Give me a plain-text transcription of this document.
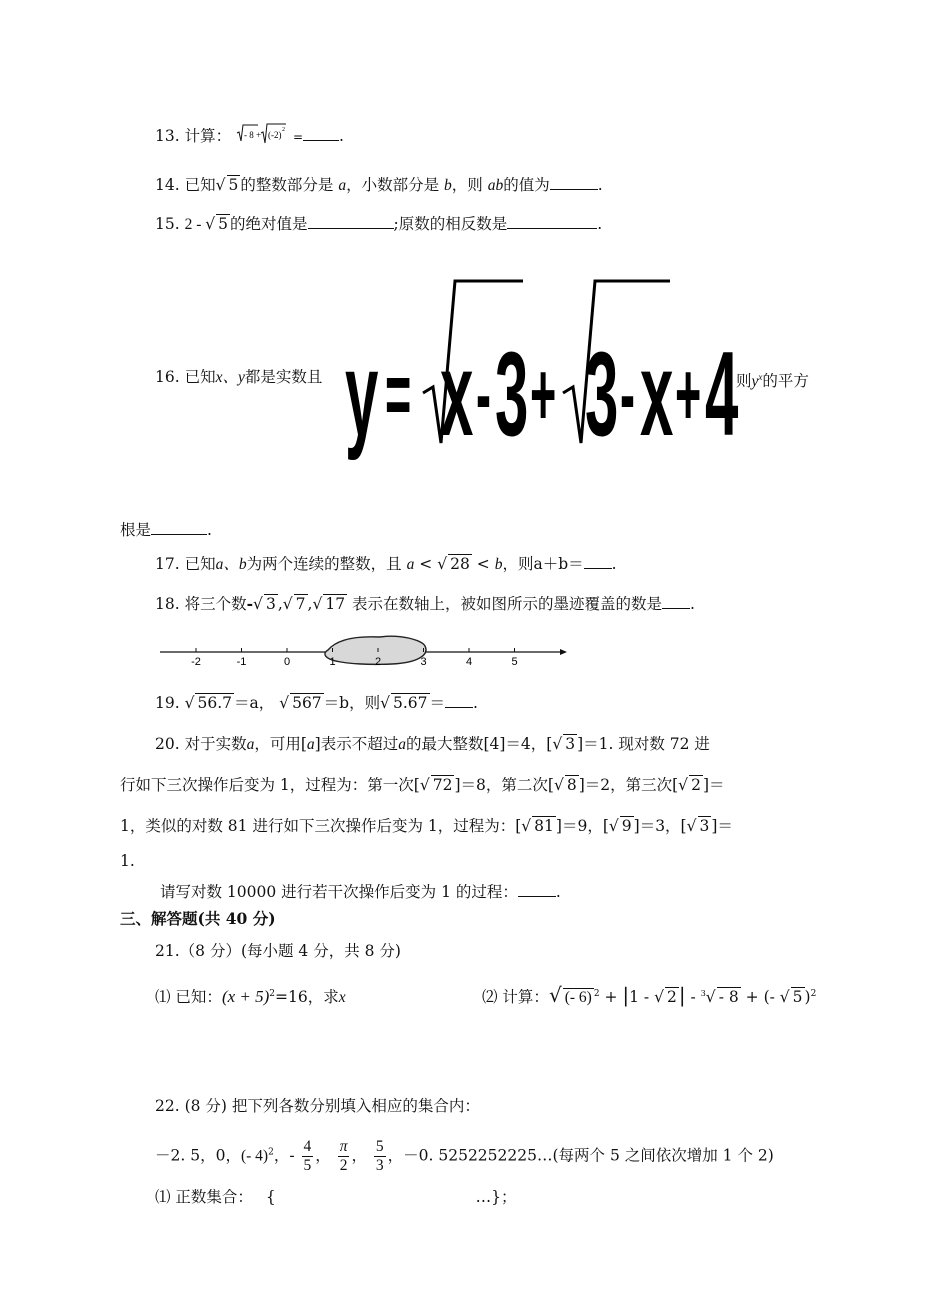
13. 计算： - 8 + (-2) 2 = .
14. 已知√ 5 的整数部分是 a，小数部分是 b，则 ab的值为	.
15. 2 - √ 5 的绝对值是	;原数的相反数是	.
16. 已知x、y都是实数且 y = x - 3 + 3 - x + 4
则$y^x$的平方
根是	.
17. 已知a、b为两个连续的整数，且 a < √ 28 < b，则a＋b＝ .
18. 将三个数-√ 3 ,√ 7 ,√ 17 表示在数轴上，被如图所示的墨迹覆盖的数是 .
-2	-1	0	1	2	3	4	5
19. √ 56.7 ＝a， √ 567 ＝b，则√ 5.67 ＝ .
20. 对于实数a，可用[a]表示不超过a的最大整数[4]＝4，[√ 3 ]＝1. 现对数 72 进
行如下三次操作后变为 1，过程为：第一次[√ 72 ]＝8，第二次[√ 8 ]＝2，第三次[√ 2 ]＝
1，类似的对数 81 进行如下三次操作后变为 1，过程为：[√ 81 ]＝9，[√ 9 ]＝3，[√ 3 ]＝
1.
请写对数 10000 进行若干次操作后变为 1 的过程： .
三、解答题(共 40 分)
21.（8 分）(每小题 4 分，共 8 分)
⑴ 已知：$(x + 5)^2=16$，求x	⑵ 计算：√ (- 6) $^2$ + |1 - √ 2 | - $^3$√ - 8 + (- √ 5 )$^2$
22. (8 分) 把下列各数分别填入相应的集合内：
－2. 5，0，(- 4)$^2$，- $\frac{4}{5}$ ， $\frac{\pi}{2}$ ， $\frac{5}{3}$ ，－0. 5252252225…(每两个 5 之间依次增加 1 个 2)
⑴ 正数集合： {	…}；
